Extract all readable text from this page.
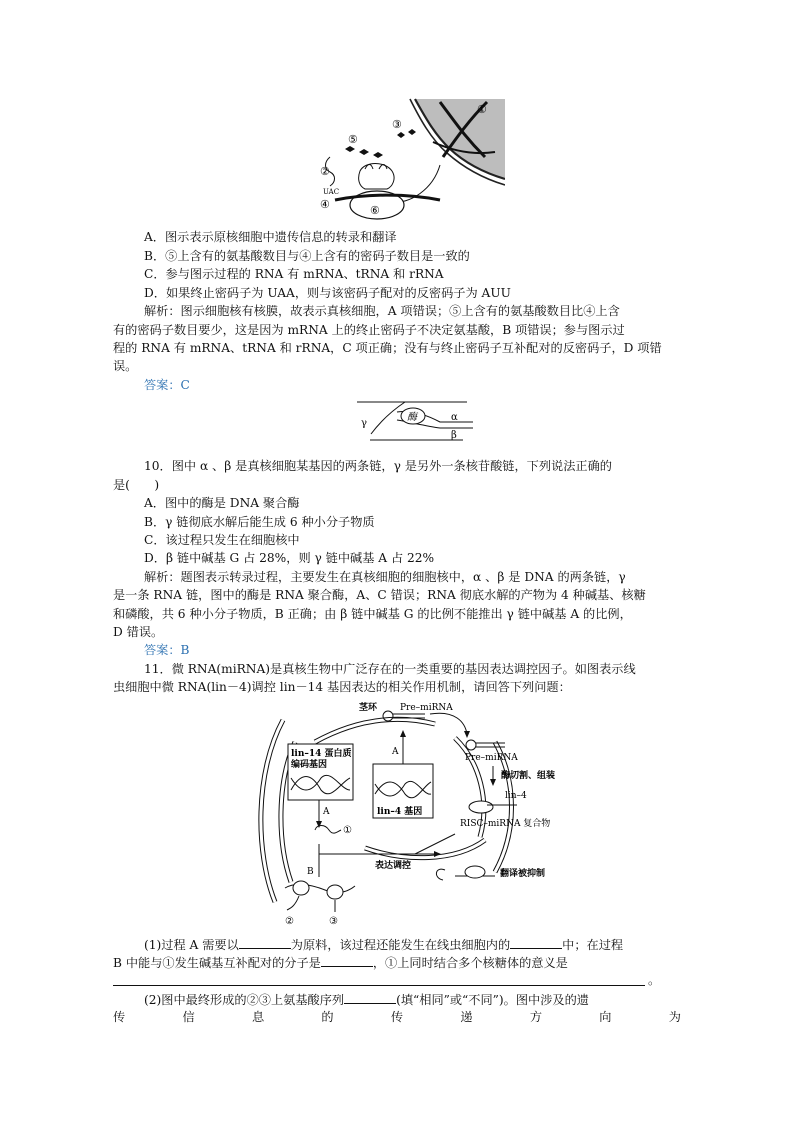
①
③
⑤
②
UAC
⑥
④
A．图示表示原核细胞中遗传信息的转录和翻译
B．⑤上含有的氨基酸数目与④上含有的密码子数目是一致的
C．参与图示过程的 RNA 有 mRNA、tRNA 和 rRNA
D．如果终止密码子为 UAA，则与该密码子配对的反密码子为 AUU
解析：图示细胞核有核膜，故表示真核细胞，A 项错误；⑤上含有的氨基酸数目比④上含
有的密码子数目要少，这是因为 mRNA 上的终止密码子不决定氨基酸，B 项错误；参与图示过
程的 RNA 有 mRNA、tRNA 和 rRNA，C 项正确；没有与终止密码子互补配对的反密码子，D 项错
误。
答案：C
酶
γ
α
β
10．图中 α 、β 是真核细胞某基因的两条链，γ 是另外一条核苷酸链，下列说法正确的
是(　　)
A．图中的酶是 DNA 聚合酶
B．γ 链彻底水解后能生成 6 种小分子物质
C．该过程只发生在细胞核中
D．β 链中碱基 G 占 28%，则 γ 链中碱基 A 占 22%
解析：题图表示转录过程，主要发生在真核细胞的细胞核中，α 、β 是 DNA 的两条链，γ
是一条 RNA 链，图中的酶是 RNA 聚合酶，A、C 错误；RNA 彻底水解的产物为 4 种碱基、核糖
和磷酸，共 6 种小分子物质，B 正确；由 β 链中碱基 G 的比例不能推出 γ 链中碱基 A 的比例，
D 错误。
答案：B
11．微 RNA(miRNA)是真核生物中广泛存在的一类重要的基因表达调控因子。如图表示线
虫细胞中微 RNA(lin－4)调控 lin－14 基因表达的相关作用机制，请回答下列问题：
lin–14 蛋白质
编码基因
lin–4 基因
A
茎环	Pre–miRNA
Pre–miRNA
酶切割、组装
lin–4
RISC–miRNA 复合物
A
①
表达调控
翻译被抑制
B
②	③
(1)过程 A 需要以	为原料，该过程还能发生在线虫细胞内的	中；在过程
B 中能与①发生碱基互补配对的分子是	，①上同时结合多个核糖体的意义是
。
(2)图中最终形成的②③上氨基酸序列	(填“相同”或“不同”)。图中涉及的遗
传	信	息	的	传	递	方	向	为
